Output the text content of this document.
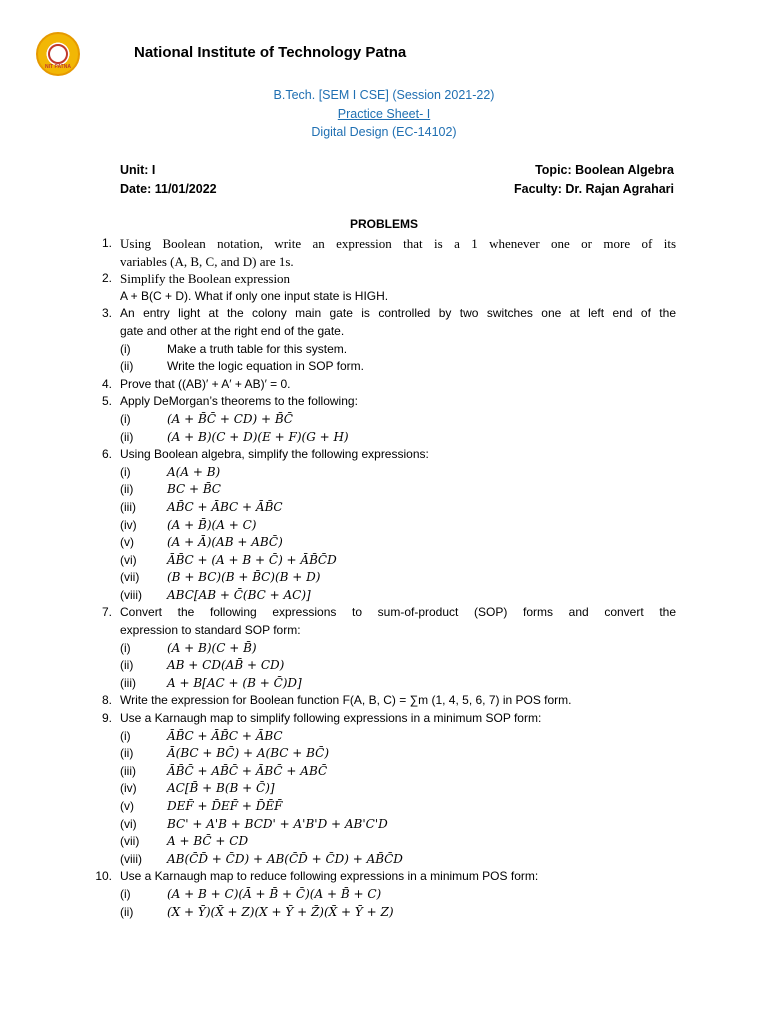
NIT PATNA
National Institute of Technology Patna
B.Tech. [SEM I CSE] (Session 2021-22)
Practice Sheet- I
Digital Design (EC-14102)
Unit: I	Topic: Boolean Algebra
Date: 11/01/2022	Faculty: Dr. Rajan Agrahari
PROBLEMS
1. Using Boolean notation, write an expression that is a 1 whenever one or more of its
variables (A, B, C, and D) are 1s.
2. Simplify the Boolean expression
A + B(C + D). What if only one input state is HIGH.
3. An entry light at the colony main gate is controlled by two switches one at left end of the
gate and other at the right end of the gate.
(i)	Make a truth table for this system.
(ii)	Write the logic equation in SOP form.
4. Prove that ((AB)′ + A′ + AB)′ = 0.
5. Apply DeMorgan’s theorems to the following:
(i)	(A + B̄C̄ + CD) + B̄C̄
(ii)	(A + B)(C + D)(E + F)(G + H)
6. Using Boolean algebra, simplify the following expressions:
(i)	A(A + B)
(ii)	BC + B̄C
(iii)	AB̄C + ĀBC + ĀB̄C
(iv)	(A + B̄)(A + C)
(v)	(A + Ā)(AB + ABC̄)
(vi)	ĀB̄C + (A + B + C̄) + ĀB̄C̄D
(vii) (B + BC)(B + B̄C)(B + D)
(viii) ABC[AB + C̄(BC + AC)]
7. Convert the following expressions to sum-of-product (SOP) forms and convert the
expression to standard SOP form:
(i)	(A + B)(C + B̄)
(ii)	AB + CD(AB̄ + CD)
(iii)	A + B[AC + (B + C̄)D]
8. Write the expression for Boolean function F(A, B, C) = ∑m (1, 4, 5, 6, 7) in POS form.
9. Use a Karnaugh map to simplify following expressions in a minimum SOP form:
(i)	ĀB̄C + ĀB̄C + ĀBC
(ii)	Ā(BC + BC̄) + A(BC + BC̄)
(iii)	ĀB̄C̄ + AB̄C̄ + ĀBC̄ + ABC̄
(iv)	AC[B̄ + B(B + C̄)]
(v)	DEF̄ + D̄EF̄ + D̄ĒF̄
(vi)	BC' + A'B + BCD' + A'B'D + AB'C'D
(vii) A + BC̄ + CD
(viii) AB(C̄D̄ + C̄D) + AB(C̄D̄ + C̄D) + AB̄C̄D
10. Use a Karnaugh map to reduce following expressions in a minimum POS form:
(i)	(A + B + C)(Ā + B̄ + C̄)(A + B̄ + C)
(ii)	(X + Ȳ)(X̄ + Z)(X + Ȳ + Z̄)(X̄ + Ȳ + Z)
